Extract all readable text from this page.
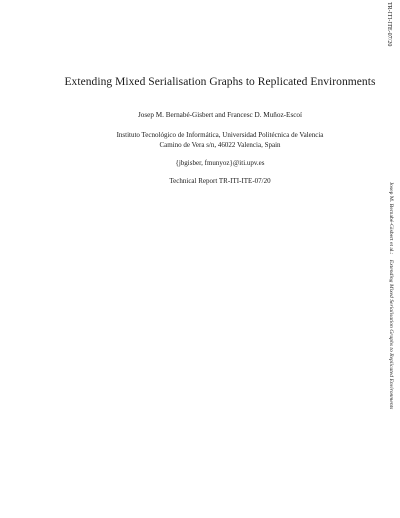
TR-ITI-ITE-07/20
Extending Mixed Serialisation Graphs to Replicated Environments
Josep M. Bernabé-Gisbert and Francesc D. Muñoz-Escoí
Instituto Tecnológico de Informática, Universidad Politécnica de Valencia
Camino de Vera s/n, 46022 Valencia, Spain
{jbgisber, fmunyoz}@iti.upv.es
Technical Report TR-ITI-ITE-07/20
Josep M. Bernabé-Gisbert et al.: Extending Mixed Serialisation Graphs to Replicated Environments
